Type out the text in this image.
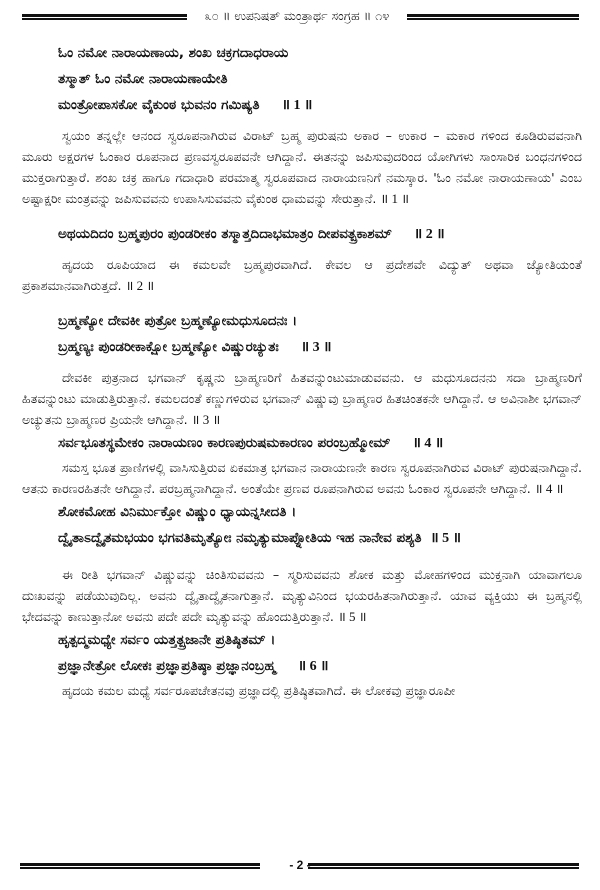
೩೦ ॥ ಉಪನಿಷತ್ ಮಂತ್ರಾರ್ಥ ಸಂಗ್ರಹ ॥ ೧೪
ಓಂ ನಮೋ ನಾರಾಯಣಾಯ, ಶಂಖ ಚಕ್ರಗದಾಧರಾಯ
ತಸ್ಮಾತ್ ಓಂ ನಮೋ ನಾರಾಯಣಾಯೇತಿ
ಮಂತ್ರೋಪಾಸಕೋ ವೈಕುಂಠ ಭುವನಂ ಗಮಿಷ್ಯತಿ ॥ 1 ॥

ಸ್ವಯಂ ತನ್ನಲ್ಲೇ ಆನಂದ ಸ್ವರೂಪನಾಗಿರುವ ವಿರಾಟ್ ಬ್ರಹ್ಮ ಪುರುಷನು ಅಕಾರ – ಉಕಾರ – ಮಕಾರ ಗಳಿಂದ ಕೂಡಿರುವವನಾಗಿ ಮೂರು ಅಕ್ಷರಗಳ ಓಂಕಾರ ರೂಪನಾದ ಪ್ರಣವಸ್ವರೂಪವನೇ ಆಗಿದ್ದಾನೆ. ಈತನನ್ನು ಜಪಿಸುವುದರಿಂದ ಯೋಗಿಗಳು ಸಾಂಸಾರಿಕ ಬಂಧನಗಳಿಂದ ಮುಕ್ತರಾಗುತ್ತಾರೆ. ಶಂಖ ಚಕ್ರ ಹಾಗೂ ಗದಾಧಾರಿ ಪರಮಾತ್ಮ ಸ್ವರೂಪವಾದ ನಾರಾಯಣನಿಗೆ ನಮಸ್ಕಾರ. 'ಓಂ ನಮೋ ನಾರಾಯಣಾಯ' ಎಂಬ ಅಷ್ಟಾಕ್ಷರೀ ಮಂತ್ರವನ್ನು ಜಪಿಸುವವನು ಉಪಾಸಿಸುವವನು ವೈಕುಂಠ ಧಾಮವನ್ನು ಸೇರುತ್ತಾನೆ. ॥ 1 ॥

ಅಥಯದಿದಂ ಬ್ರಹ್ಮಪುರಂ ಪುಂಡರೀಕಂ ತಸ್ಮಾತ್ತದಿದಾಭಮಾತ್ರಂ ದೀಪವತ್ಪ್ರಕಾಶಮ್ ॥ 2 ॥

ಹೃದಯ ರೂಪಿಯಾದ ಈ ಕಮಲವೇ ಬ್ರಹ್ಮಪುರವಾಗಿದೆ. ಕೇವಲ ಆ ಪ್ರದೇಶವೇ ವಿದ್ಯುತ್ ಅಥವಾ ಜ್ಯೋತಿಯಂತೆ ಪ್ರಕಾಶಮಾನವಾಗಿರುತ್ತದೆ. ॥ 2 ॥

ಬ್ರಹ್ಮಣ್ಯೋ ದೇವಕೀ ಪುತ್ರೋ ಬ್ರಹ್ಮಣ್ಯೋಮಧುಸೂದನಃ ।
ಬ್ರಹ್ಮಣ್ಯಃ ಪುಂಡರೀಕಾಕ್ಷೋ ಬ್ರಹ್ಮಣ್ಯೋ ವಿಷ್ಣುರಚ್ಯುತಃ ॥ 3 ॥

ದೇವಕೀ ಪುತ್ರನಾದ ಭಗವಾನ್ ಕೃಷ್ಣನು ಬ್ರಾಹ್ಮಣರಿಗೆ ಹಿತವನ್ನುಂಟುಮಾಡುವವನು. ಆ ಮಧುಸೂದನನು ಸದಾ ಬ್ರಾಹ್ಮಣರಿಗೆ ಹಿತವನ್ನುಂಟು ಮಾಡುತ್ತಿರುತ್ತಾನೆ. ಕಮಲದಂತೆ ಕಣ್ಣುಗಳಿರುವ ಭಗವಾನ್ ವಿಷ್ಣುವು ಬ್ರಾಹ್ಮಣರ ಹಿತಚಿಂತಕನೇ ಆಗಿದ್ದಾನೆ. ಆ ಅವಿನಾಶೀ ಭಗವಾನ್ ಅಚ್ಯುತನು ಬ್ರಾಹ್ಮಣರ ಪ್ರಿಯನೇ ಆಗಿದ್ದಾನೆ. ॥ 3 ॥

ಸರ್ವಭೂತಸ್ಥಮೇಕಂ ನಾರಾಯಣಂ ಕಾರಣಪುರುಷಮಕಾರಣಂ ಪರಂಬ್ರಹ್ಮೋಮ್ ॥ 4 ॥

ಸಮಸ್ತ ಭೂತ ಪ್ರಾಣಿಗಳಲ್ಲಿ ವಾಸಿಸುತ್ತಿರುವ ಏಕಮಾತ್ರ ಭಗವಾನ ನಾರಾಯಣನೇ ಕಾರಣ ಸ್ವರೂಪನಾಗಿರುವ ವಿರಾಟ್ ಪುರುಷನಾಗಿದ್ದಾನೆ. ಆತನು ಕಾರಣರಹಿತನೇ ಆಗಿದ್ದಾನೆ. ಪರಬ್ರಹ್ಮನಾಗಿದ್ದಾನೆ. ಅಂತೆಯೇ ಪ್ರಣವ ರೂಪನಾಗಿರುವ ಅವನು ಓಂಕಾರ ಸ್ವರೂಪನೇ ಆಗಿದ್ದಾನೆ. ॥ 4 ॥

ಶೋಕಮೋಹ ವಿನಿರ್ಮುಕ್ತೋ ವಿಷ್ಣುಂ ಧ್ಯಾಯನ್ನಸೀದತಿ ।
ದ್ವೈತಾಽದ್ವೈತಮಭಯಂ ಭಗವತಿಮೃತ್ಯೋಃ ನಮೃತ್ಯುಮಾಪ್ನೋತಿಯ ಇಹ ನಾನೇವ ಪಶ್ಯತಿ ॥ 5 ॥

ಈ ರೀತಿ ಭಗವಾನ್ ವಿಷ್ಣುವನ್ನು ಚಿಂತಿಸುವವನು – ಸ್ಮರಿಸುವವನು ಶೋಕ ಮತ್ತು ಮೋಹಗಳಿಂದ ಮುಕ್ತನಾಗಿ ಯಾವಾಗಲೂ ದುಃಖವನ್ನು ಪಡೆಯುವುದಿಲ್ಲ. ಅವನು ದ್ವೈತಾದ್ವೈತನಾಗುತ್ತಾನೆ. ಮೃತ್ಯುವಿನಿಂದ ಭಯರಹಿತನಾಗಿರುತ್ತಾನೆ. ಯಾವ ವ್ಯಕ್ತಿಯು ಈ ಬ್ರಹ್ಮನಲ್ಲಿ ಭೇದವನ್ನು ಕಾಣುತ್ತಾನೋ ಅವನು ಪದೇ ಪದೇ ಮೃತ್ಯುವನ್ನು ಹೊಂದುತ್ತಿರುತ್ತಾನೆ. ॥ 5 ॥

ಹೃತ್ಪದ್ಮಮಧ್ಯೇ ಸರ್ವಂ ಯತ್ತತ್ಪ್ರಜಾನೇ ಪ್ರತಿಷ್ಠಿತಮ್ ।
ಪ್ರಜ್ಞಾನೇತ್ರೋ ಲೋಕಃ ಪ್ರಜ್ಞಾಪ್ರತಿಷ್ಠಾ ಪ್ರಜ್ಞಾನಂಬ್ರಹ್ಮ ॥ 6 ॥

ಹೃದಯ ಕಮಲ ಮಧ್ಯೆ ಸರ್ವರೂಪಚೇತನವು ಪ್ರಜ್ಞಾದಲ್ಲಿ ಪ್ರತಿಷ್ಠಿತವಾಗಿದೆ. ಈ ಲೋಕವು ಪ್ರಜ್ಞಾರೂಪೀ

- 2 -
